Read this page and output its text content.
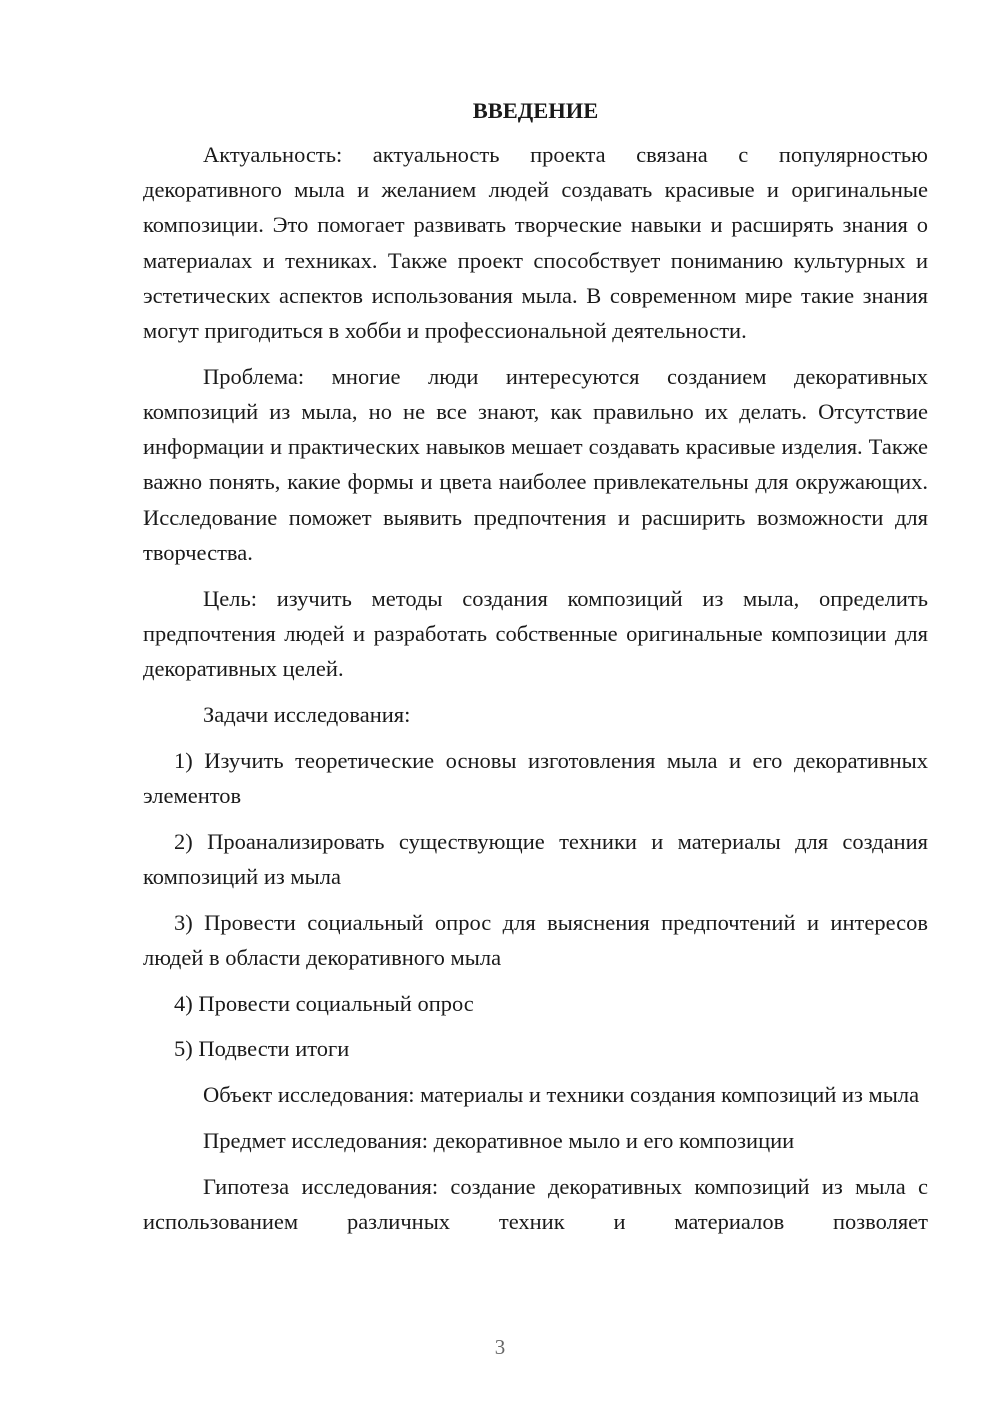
ВВЕДЕНИЕ

Актуальность: актуальность проекта связана с популярностью декоративного мыла и желанием людей создавать красивые и оригинальные композиции. Это помогает развивать творческие навыки и расширять знания о материалах и техниках. Также проект способствует пониманию культурных и эстетических аспектов использования мыла. В современном мире такие знания могут пригодиться в хобби и профессиональной деятельности.

Проблема: многие люди интересуются созданием декоративных композиций из мыла, но не все знают, как правильно их делать. Отсутствие информации и практических навыков мешает создавать красивые изделия. Также важно понять, какие формы и цвета наиболее привлекательны для окружающих. Исследование поможет выявить предпочтения и расширить возможности для творчества.

Цель: изучить методы создания композиций из мыла, определить предпочтения людей и разработать собственные оригинальные композиции для декоративных целей.

Задачи исследования:

1) Изучить теоретические основы изготовления мыла и его декоративных элементов

2) Проанализировать существующие техники и материалы для создания композиций из мыла

3) Провести социальный опрос для выяснения предпочтений и интересов людей в области декоративного мыла

4) Провести социальный опрос

5) Подвести итоги

Объект исследования: материалы и техники создания композиций из мыла

Предмет исследования: декоративное мыло и его композиции

Гипотеза исследования: создание декоративных композиций из мыла с использованием различных техник и материалов позволяет

3
